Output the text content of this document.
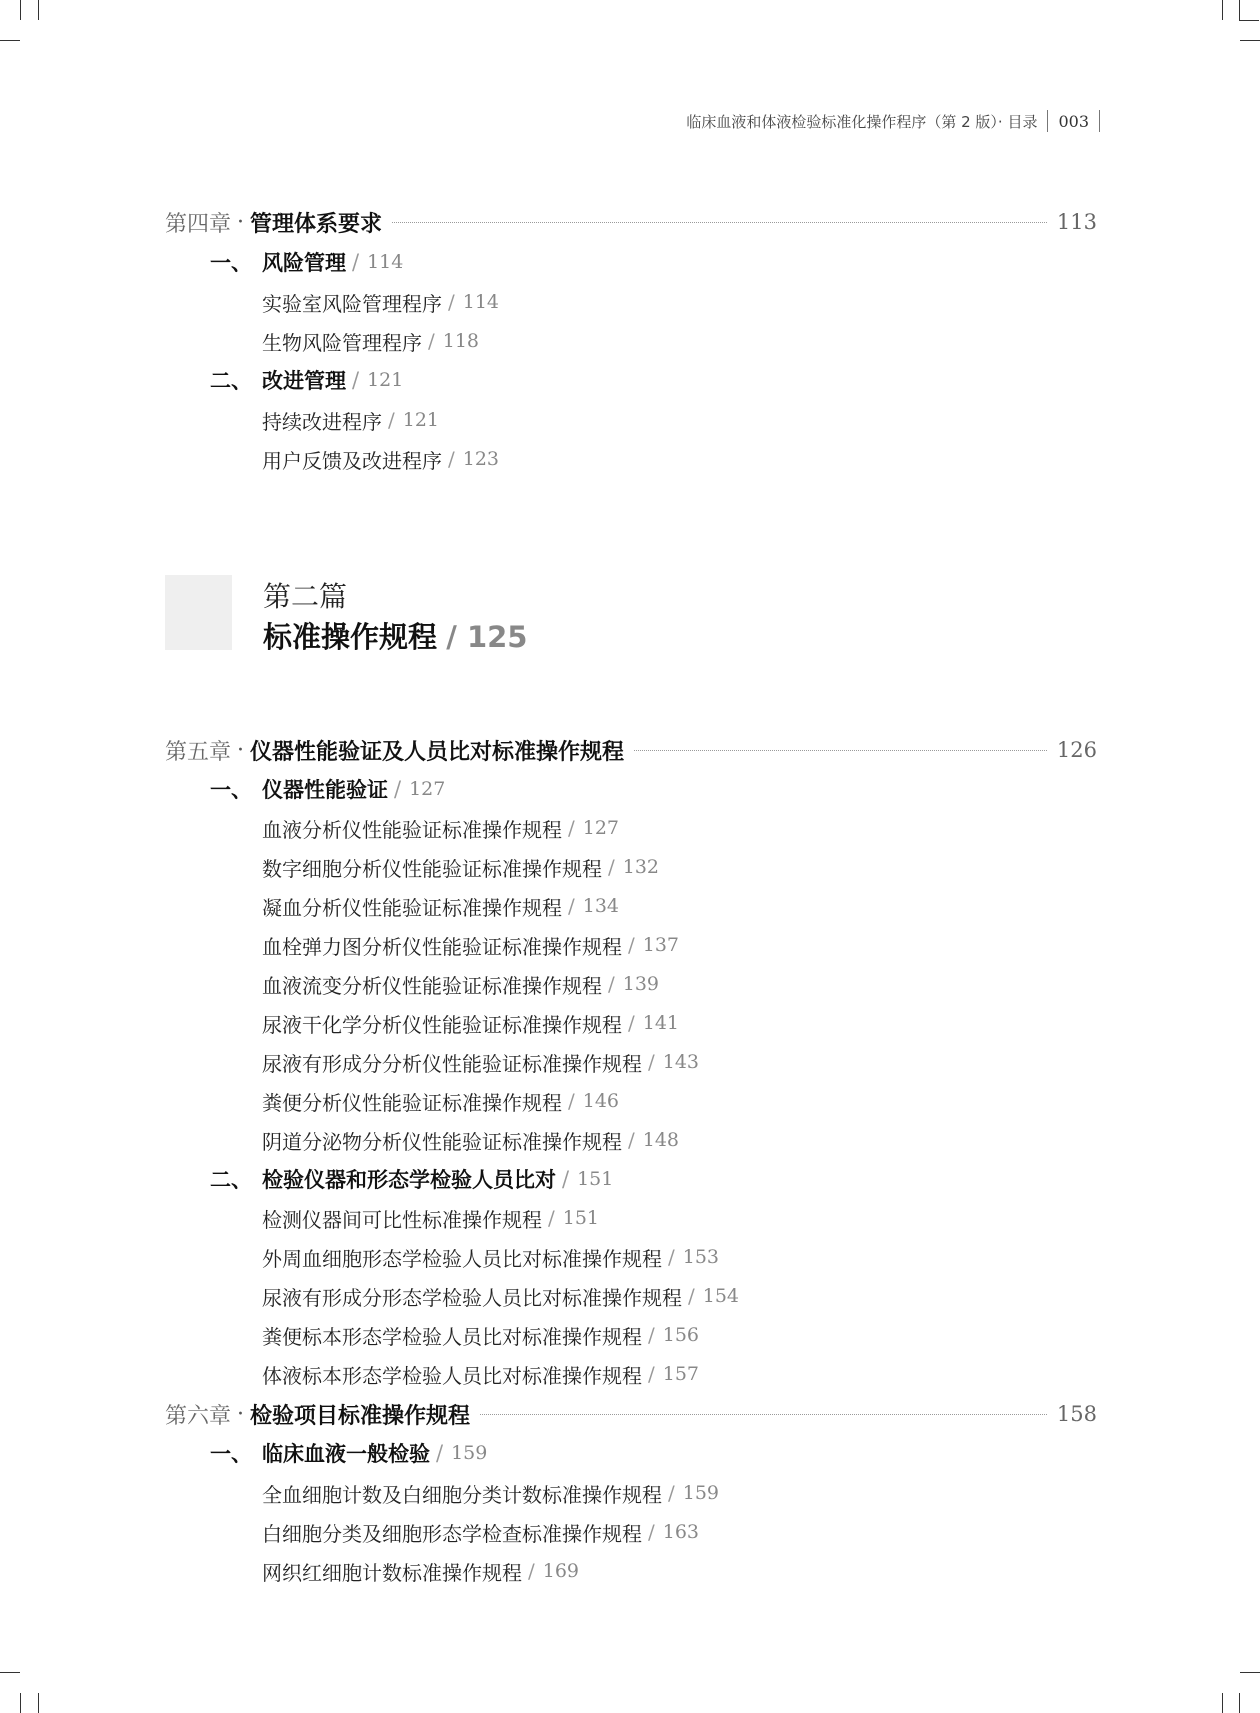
临床血液和体液检验标准化操作程序（第 2 版）· 目录 003
第四章 · 管理体系要求	113
一、 风险管理 / 114
实验室风险管理程序 / 114
生物风险管理程序 / 118
二、 改进管理 / 121
持续改进程序 / 121
用户反馈及改进程序 / 123
第二篇
标准操作规程 / 125
第五章 · 仪器性能验证及人员比对标准操作规程	126
一、 仪器性能验证 / 127
血液分析仪性能验证标准操作规程 / 127
数字细胞分析仪性能验证标准操作规程 / 132
凝血分析仪性能验证标准操作规程 / 134
血栓弹力图分析仪性能验证标准操作规程 / 137
血液流变分析仪性能验证标准操作规程 / 139
尿液干化学分析仪性能验证标准操作规程 / 141
尿液有形成分分析仪性能验证标准操作规程 / 143
粪便分析仪性能验证标准操作规程 / 146
阴道分泌物分析仪性能验证标准操作规程 / 148
二、 检验仪器和形态学检验人员比对 / 151
检测仪器间可比性标准操作规程 / 151
外周血细胞形态学检验人员比对标准操作规程 / 153
尿液有形成分形态学检验人员比对标准操作规程 / 154
粪便标本形态学检验人员比对标准操作规程 / 156
体液标本形态学检验人员比对标准操作规程 / 157
第六章 · 检验项目标准操作规程	158
一、 临床血液一般检验 / 159
全血细胞计数及白细胞分类计数标准操作规程 / 159
白细胞分类及细胞形态学检查标准操作规程 / 163
网织红细胞计数标准操作规程 / 169
